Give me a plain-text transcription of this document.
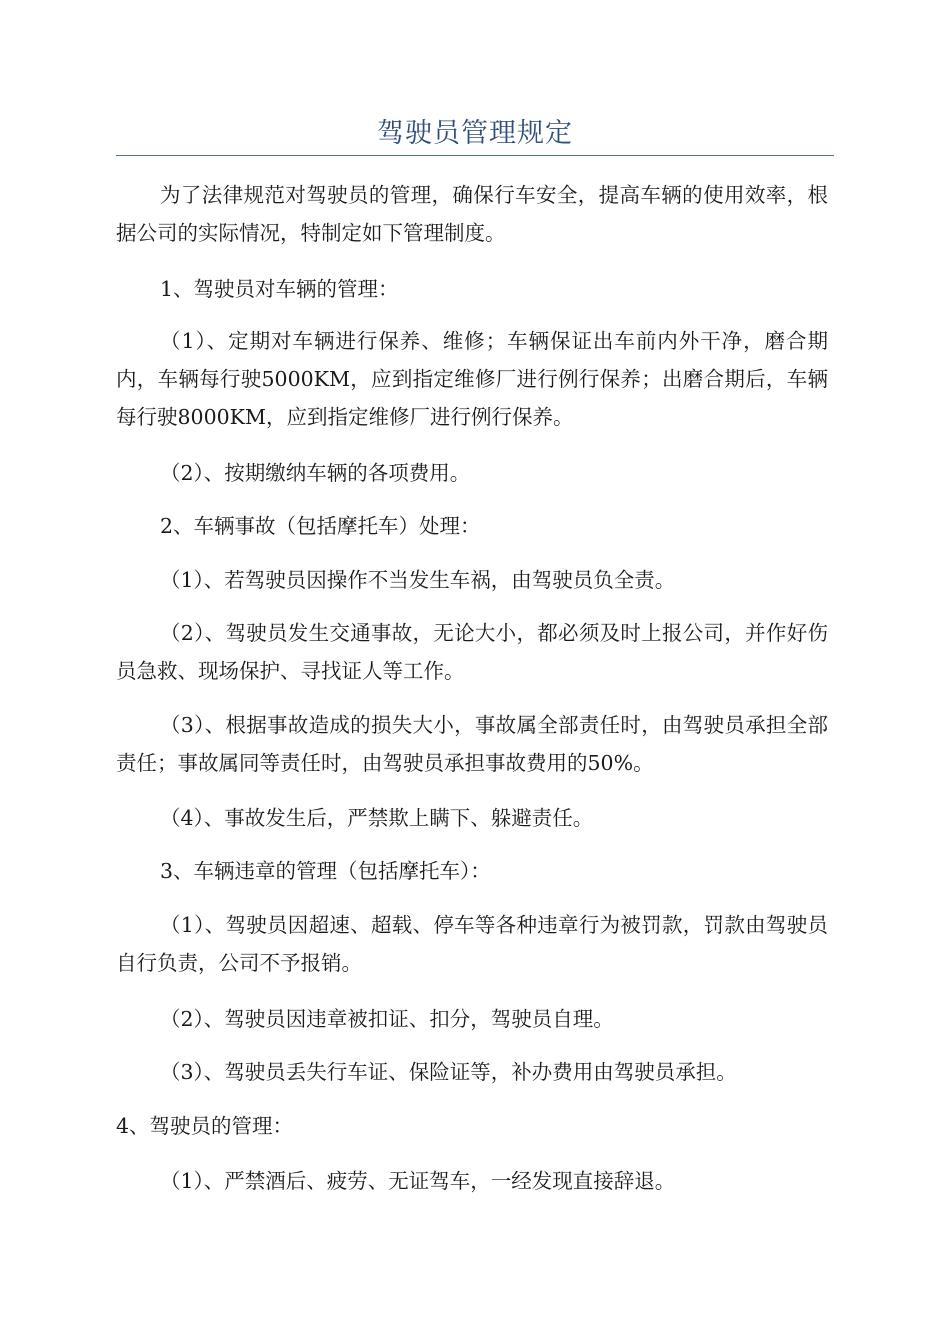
驾驶员管理规定

为了法律规范对驾驶员的管理，确保行车安全，提高车辆的使用效率，根据公司的实际情况，特制定如下管理制度。

1、驾驶员对车辆的管理：

（1）、定期对车辆进行保养、维修；车辆保证出车前内外干净，磨合期内，车辆每行驶5000KM，应到指定维修厂进行例行保养；出磨合期后，车辆每行驶8000KM，应到指定维修厂进行例行保养。

（2）、按期缴纳车辆的各项费用。

2、车辆事故（包括摩托车）处理：

（1）、若驾驶员因操作不当发生车祸，由驾驶员负全责。

（2）、驾驶员发生交通事故，无论大小，都必须及时上报公司，并作好伤员急救、现场保护、寻找证人等工作。

（3）、根据事故造成的损失大小，事故属全部责任时，由驾驶员承担全部责任；事故属同等责任时，由驾驶员承担事故费用的50%。

（4）、事故发生后，严禁欺上瞒下、躲避责任。

3、车辆违章的管理（包括摩托车）：

（1）、驾驶员因超速、超载、停车等各种违章行为被罚款，罚款由驾驶员自行负责，公司不予报销。

（2）、驾驶员因违章被扣证、扣分，驾驶员自理。

（3）、驾驶员丢失行车证、保险证等，补办费用由驾驶员承担。

4、驾驶员的管理：

（1）、严禁酒后、疲劳、无证驾车，一经发现直接辞退。
